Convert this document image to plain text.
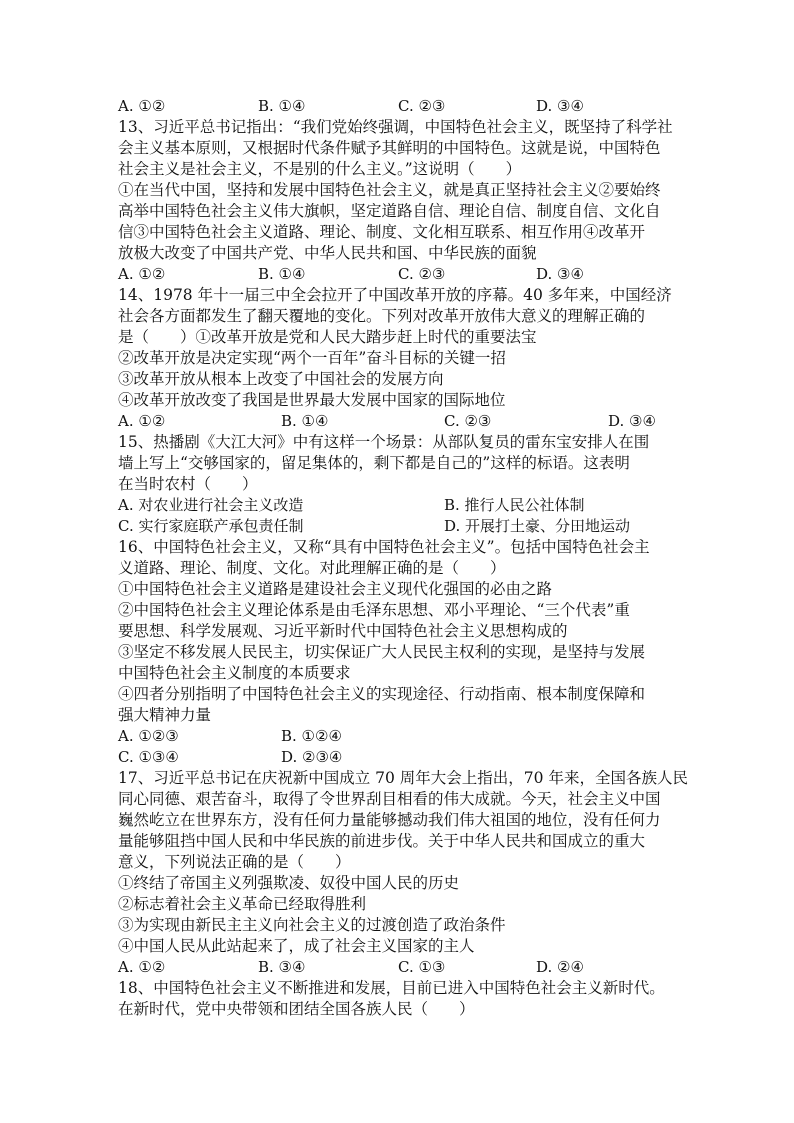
A. ①②	B. ①④	C. ②③	D. ③④
13、习近平总书记指出：“我们党始终强调，中国特色社会主义，既坚持了科学社
会主义基本原则，又根据时代条件赋予其鲜明的中国特色。这就是说，中国特色
社会主义是社会主义，不是别的什么主义。”这说明（　　）
①在当代中国，坚持和发展中国特色社会主义，就是真正坚持社会主义②要始终
高举中国特色社会主义伟大旗帜，坚定道路自信、理论自信、制度自信、文化自
信③中国特色社会主义道路、理论、制度、文化相互联系、相互作用④改革开
放极大改变了中国共产党、中华人民共和国、中华民族的面貌
A. ①②	B. ①④	C. ②③	D. ③④
14、1978 年十一届三中全会拉开了中国改革开放的序幕。40 多年来，中国经济
社会各方面都发生了翻天覆地的变化。下列对改革开放伟大意义的理解正确的
是（　　）①改革开放是党和人民大踏步赶上时代的重要法宝
②改革开放是决定实现“两个一百年”奋斗目标的关键一招
③改革开放从根本上改变了中国社会的发展方向
④改革开放改变了我国是世界最大发展中国家的国际地位
A. ①②	B. ①④	C. ②③	D. ③④
15、热播剧《大江大河》中有这样一个场景：从部队复员的雷东宝安排人在围
墙上写上“交够国家的，留足集体的，剩下都是自己的”这样的标语。这表明
在当时农村（　　）
A. 对农业进行社会主义改造	B. 推行人民公社体制
C. 实行家庭联产承包责任制	D. 开展打土豪、分田地运动
16、中国特色社会主义，又称“具有中国特色社会主义”。包括中国特色社会主
义道路、理论、制度、文化。对此理解正确的是（　　）
①中国特色社会主义道路是建设社会主义现代化强国的必由之路
②中国特色社会主义理论体系是由毛泽东思想、邓小平理论、“三个代表”重
要思想、科学发展观、习近平新时代中国特色社会主义思想构成的
③坚定不移发展人民民主，切实保证广大人民民主权利的实现，是坚持与发展
中国特色社会主义制度的本质要求
④四者分别指明了中国特色社会主义的实现途径、行动指南、根本制度保障和
强大精神力量
A. ①②③	B. ①②④
C. ①③④	D. ②③④
17、习近平总书记在庆祝新中国成立 70 周年大会上指出，70 年来，全国各族人民
同心同德、艰苦奋斗，取得了令世界刮目相看的伟大成就。今天，社会主义中国
巍然屹立在世界东方，没有任何力量能够撼动我们伟大祖国的地位，没有任何力
量能够阻挡中国人民和中华民族的前进步伐。关于中华人民共和国成立的重大
意义，下列说法正确的是（　　）
①终结了帝国主义列强欺凌、奴役中国人民的历史
②标志着社会主义革命已经取得胜利
③为实现由新民主主义向社会主义的过渡创造了政治条件
④中国人民从此站起来了，成了社会主义国家的主人
A. ①②	B. ③④	C. ①③	D. ②④
18、中国特色社会主义不断推进和发展，目前已进入中国特色社会主义新时代。
在新时代，党中央带领和团结全国各族人民（　　）
